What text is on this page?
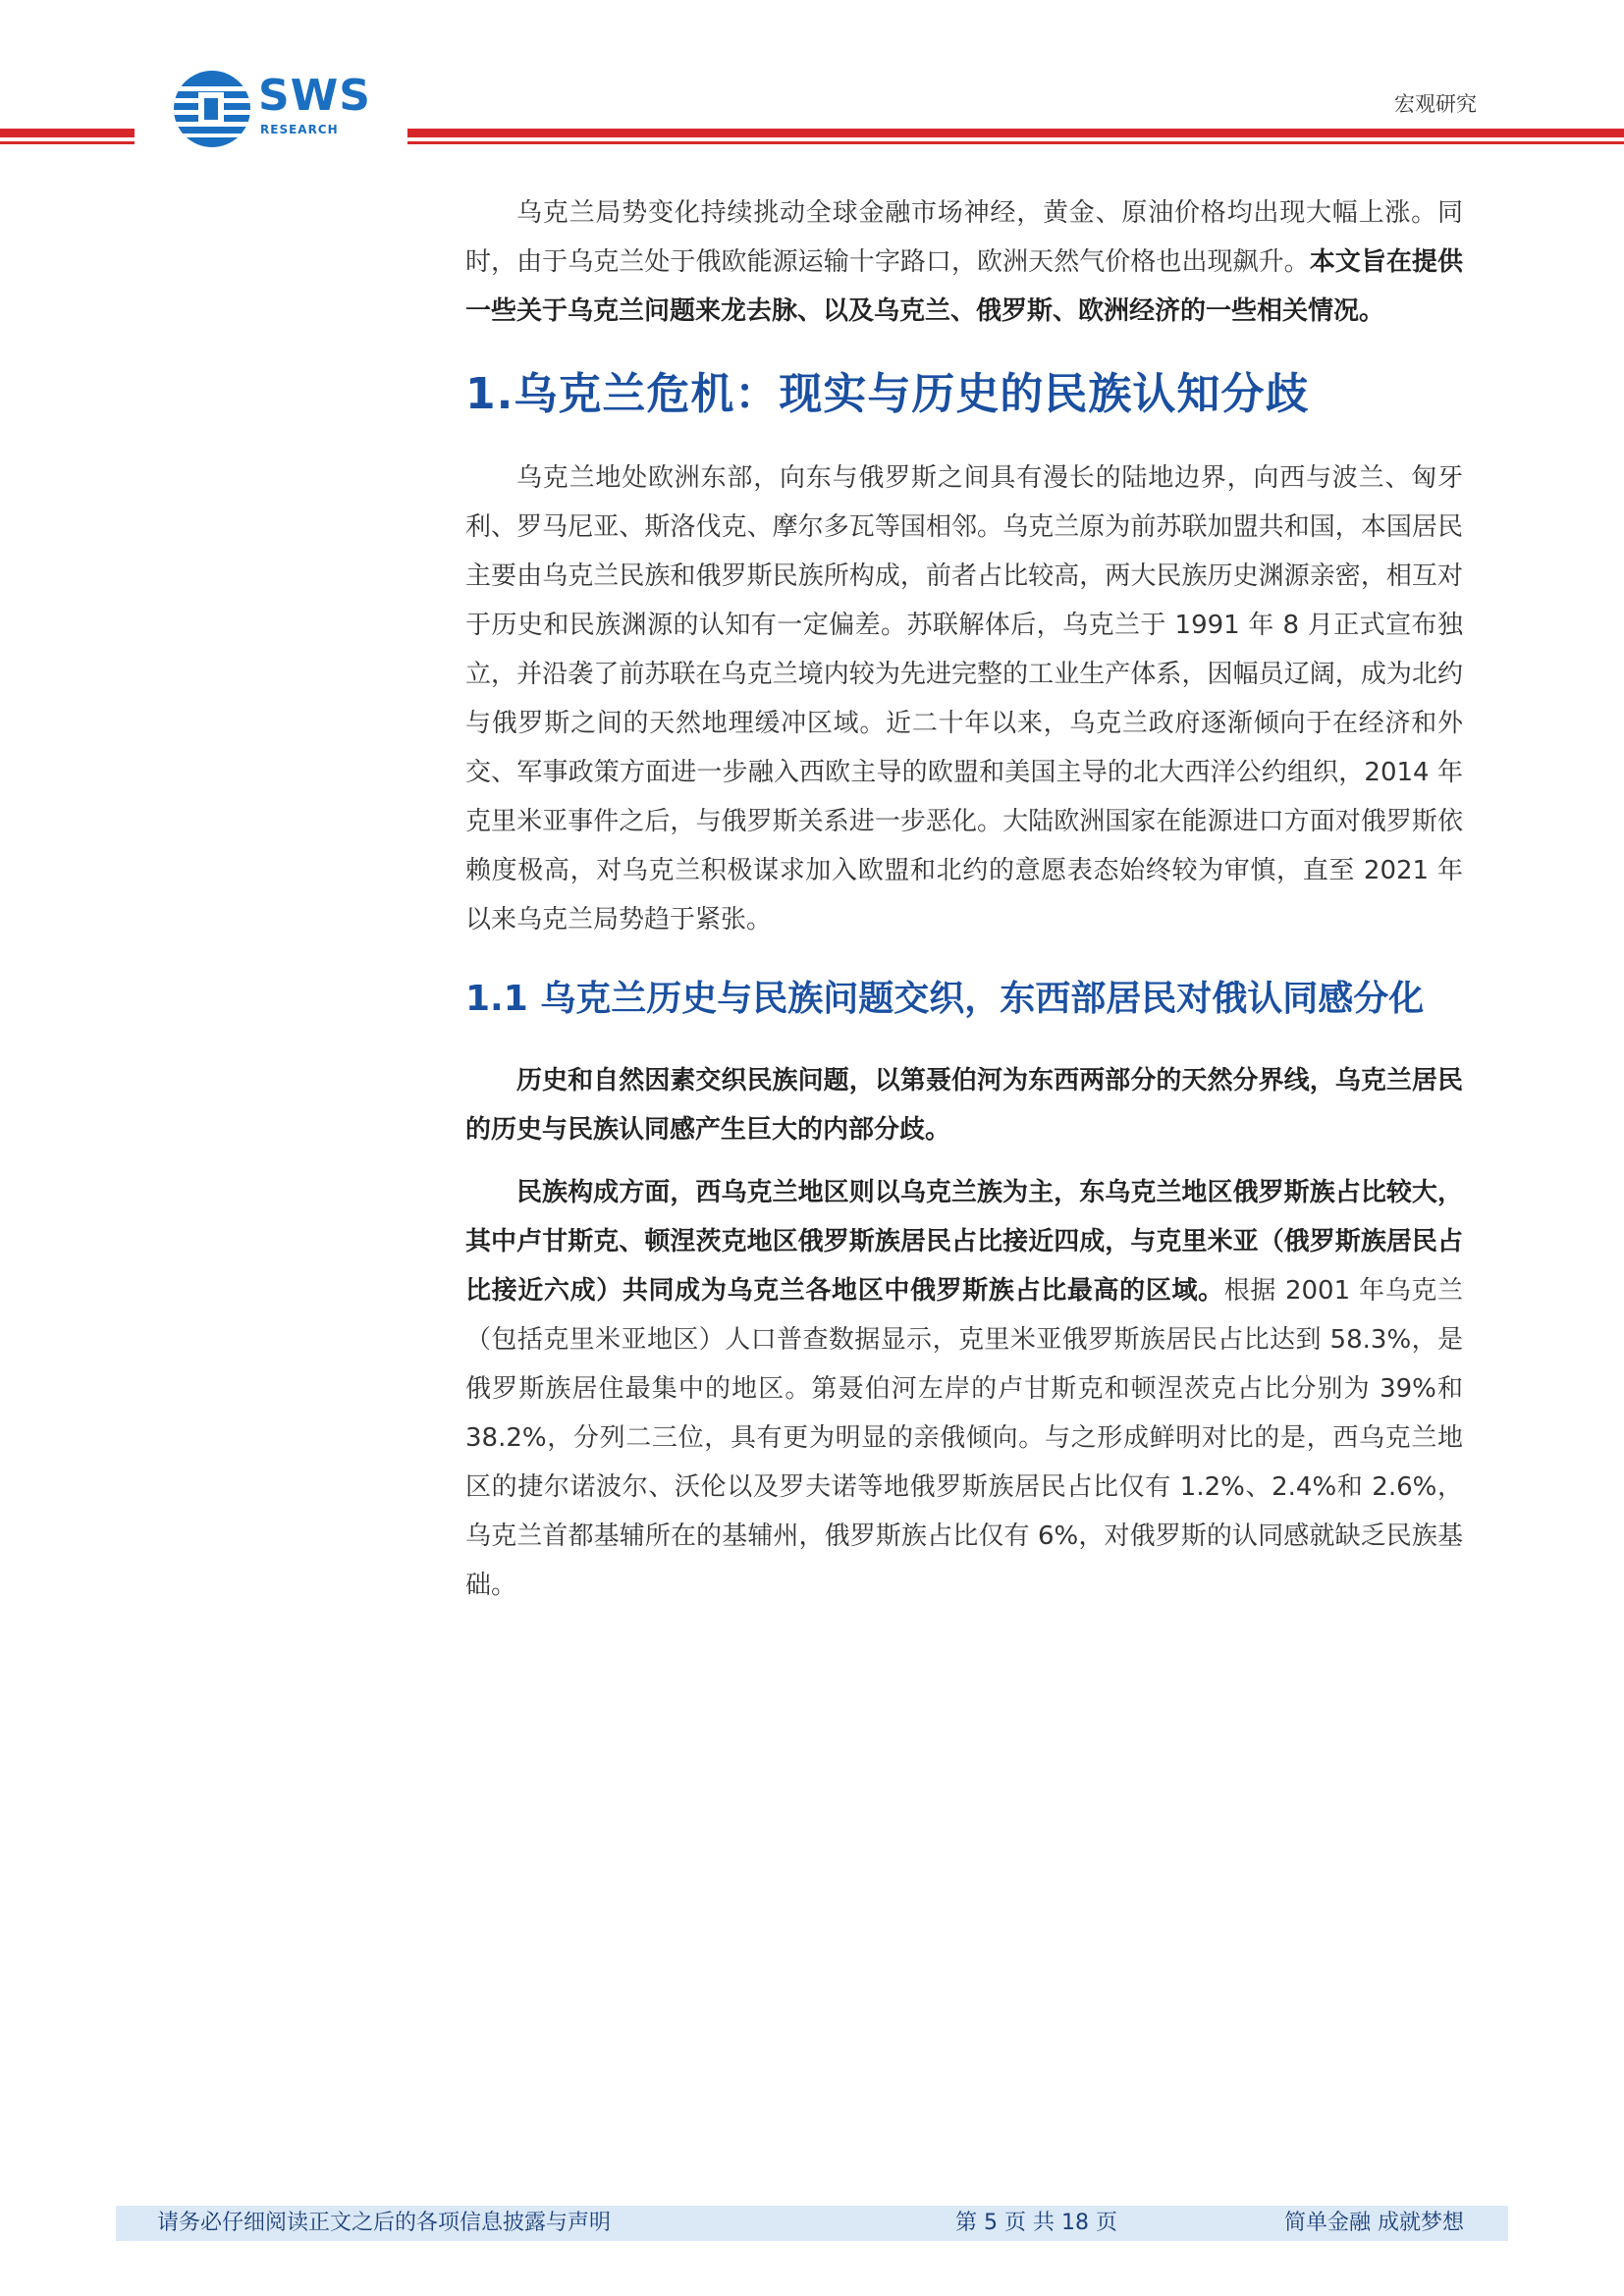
SWS
RESEARCH
宏观研究

乌克兰局势变化持续挑动全球金融市场神经，黄金、原油价格均出现大幅上涨。同时，由于乌克兰处于俄欧能源运输十字路口，欧洲天然气价格也出现飙升。本文旨在提供一些关于乌克兰问题来龙去脉、以及乌克兰、俄罗斯、欧洲经济的一些相关情况。

1.乌克兰危机：现实与历史的民族认知分歧

乌克兰地处欧洲东部，向东与俄罗斯之间具有漫长的陆地边界，向西与波兰、匈牙利、罗马尼亚、斯洛伐克、摩尔多瓦等国相邻。乌克兰原为前苏联加盟共和国，本国居民主要由乌克兰民族和俄罗斯民族所构成，前者占比较高，两大民族历史渊源亲密，相互对于历史和民族渊源的认知有一定偏差。苏联解体后，乌克兰于 1991 年 8 月正式宣布独立，并沿袭了前苏联在乌克兰境内较为先进完整的工业生产体系，因幅员辽阔，成为北约与俄罗斯之间的天然地理缓冲区域。近二十年以来，乌克兰政府逐渐倾向于在经济和外交、军事政策方面进一步融入西欧主导的欧盟和美国主导的北大西洋公约组织，2014 年克里米亚事件之后，与俄罗斯关系进一步恶化。大陆欧洲国家在能源进口方面对俄罗斯依赖度极高，对乌克兰积极谋求加入欧盟和北约的意愿表态始终较为审慎，直至 2021 年以来乌克兰局势趋于紧张。

1.1 乌克兰历史与民族问题交织，东西部居民对俄认同感分化

历史和自然因素交织民族问题，以第聂伯河为东西两部分的天然分界线，乌克兰居民的历史与民族认同感产生巨大的内部分歧。

民族构成方面，西乌克兰地区则以乌克兰族为主，东乌克兰地区俄罗斯族占比较大，其中卢甘斯克、顿涅茨克地区俄罗斯族居民占比接近四成，与克里米亚（俄罗斯族居民占比接近六成）共同成为乌克兰各地区中俄罗斯族占比最高的区域。根据 2001 年乌克兰（包括克里米亚地区）人口普查数据显示，克里米亚俄罗斯族居民占比达到 58.3%，是俄罗斯族居住最集中的地区。第聂伯河左岸的卢甘斯克和顿涅茨克占比分别为 39%和 38.2%，分列二三位，具有更为明显的亲俄倾向。与之形成鲜明对比的是，西乌克兰地区的捷尔诺波尔、沃伦以及罗夫诺等地俄罗斯族居民占比仅有 1.2%、2.4%和 2.6%，乌克兰首都基辅所在的基辅州，俄罗斯族占比仅有 6%，对俄罗斯的认同感就缺乏民族基础。

请务必仔细阅读正文之后的各项信息披露与声明	第 5 页 共 18 页	简单金融 成就梦想
